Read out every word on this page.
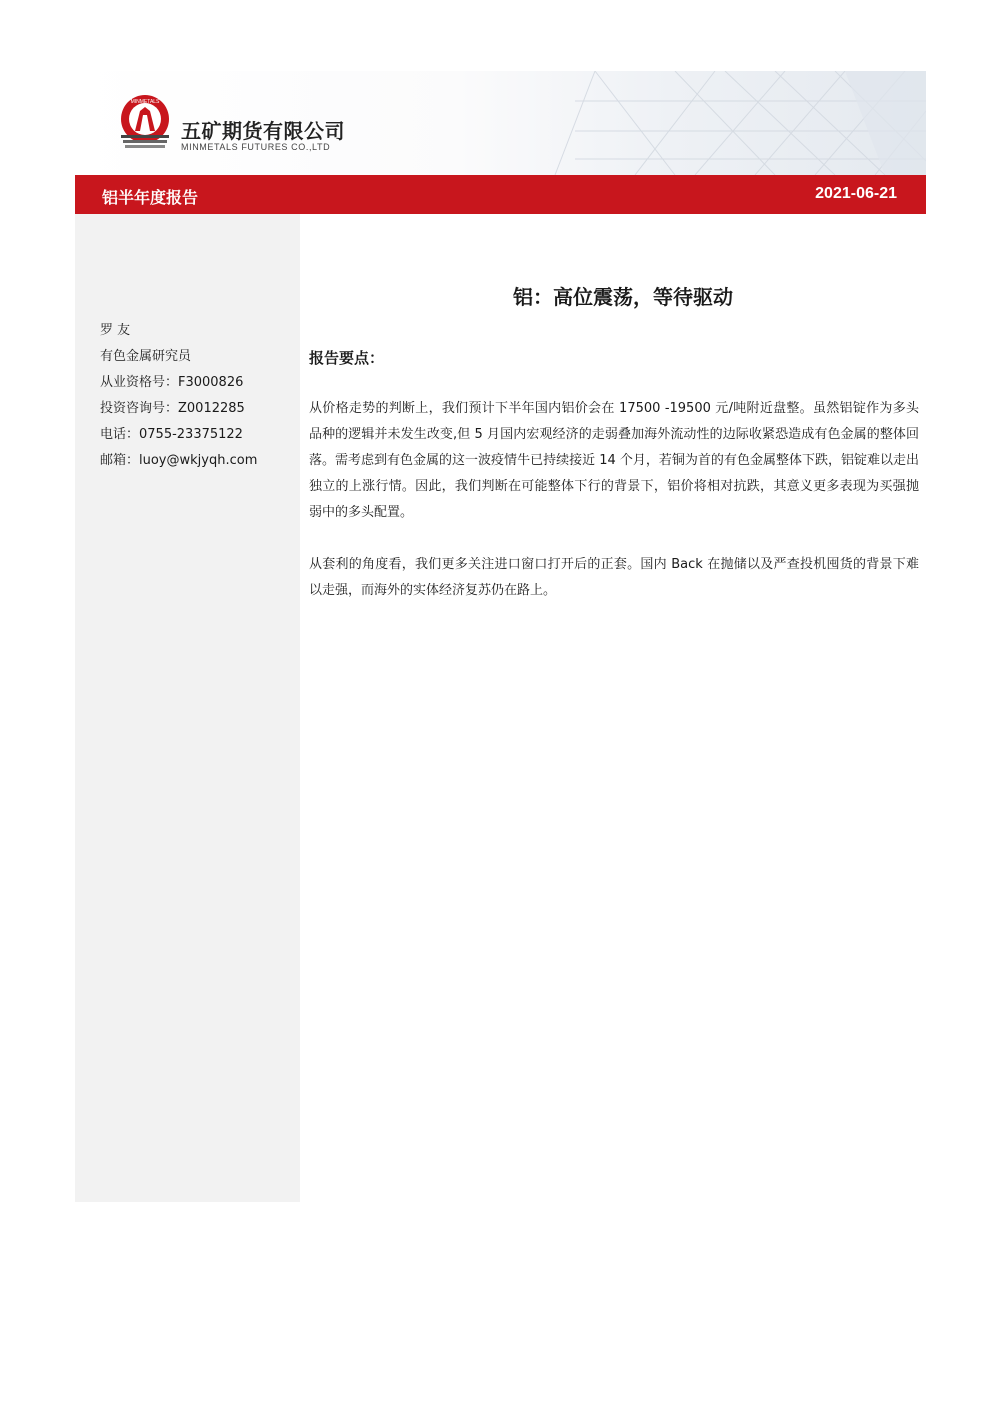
MINMETALS
五矿期货有限公司
MINMETALS FUTURES CO.,LTD
铝半年度报告	2021-06-21
罗 友
有色金属研究员
从业资格号：F3000826
投资咨询号：Z0012285
电话：0755-23375122
邮箱：luoy@wkjyqh.com
铝：高位震荡，等待驱动
报告要点：

从价格走势的判断上，我们预计下半年国内铝价会在 17500 -19500 元/吨附近盘整。虽然铝锭作为多头品种的逻辑并未发生改变,但 5 月国内宏观经济的走弱叠加海外流动性的边际收紧恐造成有色金属的整体回落。需考虑到有色金属的这一波疫情牛已持续接近 14 个月，若铜为首的有色金属整体下跌，铝锭难以走出独立的上涨行情。因此，我们判断在可能整体下行的背景下，铝价将相对抗跌，其意义更多表现为买强抛弱中的多头配置。

从套利的角度看，我们更多关注进口窗口打开后的正套。国内 Back 在抛储以及严查投机囤货的背景下难以走强，而海外的实体经济复苏仍在路上。
